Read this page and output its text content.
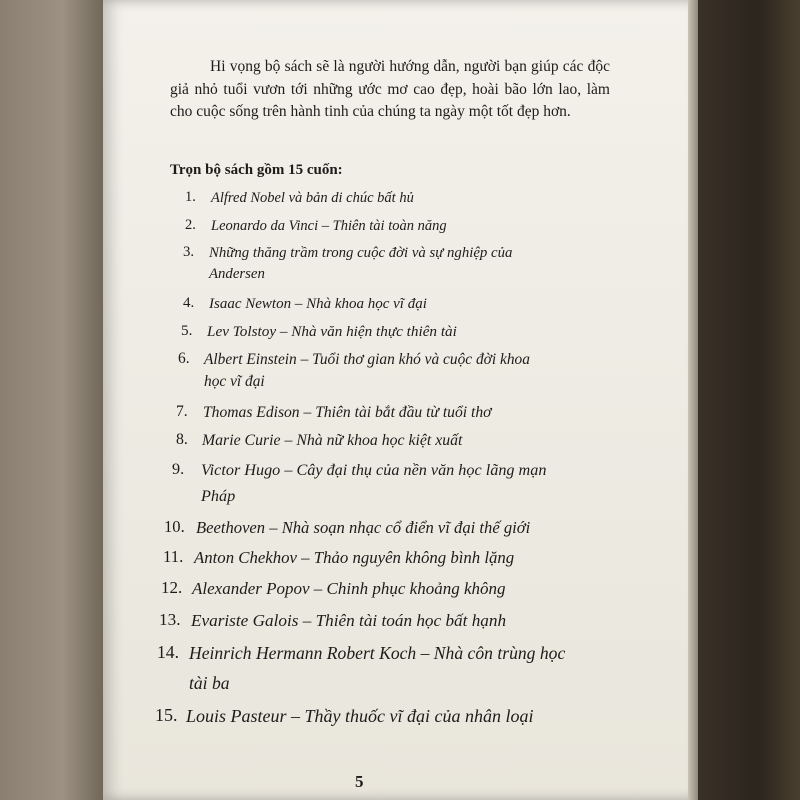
Hi vọng bộ sách sẽ là người hướng dẫn, người bạn giúp các độc giả nhỏ tuổi vươn tới những ước mơ cao đẹp, hoài bão lớn lao, làm cho cuộc sống trên hành tinh của chúng ta ngày một tốt đẹp hơn.
Trọn bộ sách gồm 15 cuốn:
1. Alfred Nobel và bản di chúc bất hủ
2. Leonardo da Vinci – Thiên tài toàn năng
3. Những thăng trầm trong cuộc đời và sự nghiệp của
Andersen
4. Isaac Newton – Nhà khoa học vĩ đại
5. Lev Tolstoy – Nhà văn hiện thực thiên tài
6. Albert Einstein – Tuổi thơ gian khó và cuộc đời khoa
học vĩ đại
7. Thomas Edison – Thiên tài bắt đầu từ tuổi thơ
8. Marie Curie – Nhà nữ khoa học kiệt xuất
9. Victor Hugo – Cây đại thụ của nền văn học lãng mạn
Pháp
10. Beethoven – Nhà soạn nhạc cổ điển vĩ đại thế giới
11. Anton Chekhov – Thảo nguyên không bình lặng
12. Alexander Popov – Chinh phục khoảng không
13. Evariste Galois – Thiên tài toán học bất hạnh
14. Heinrich Hermann Robert Koch – Nhà côn trùng học
tài ba
15. Louis Pasteur – Thầy thuốc vĩ đại của nhân loại
5
